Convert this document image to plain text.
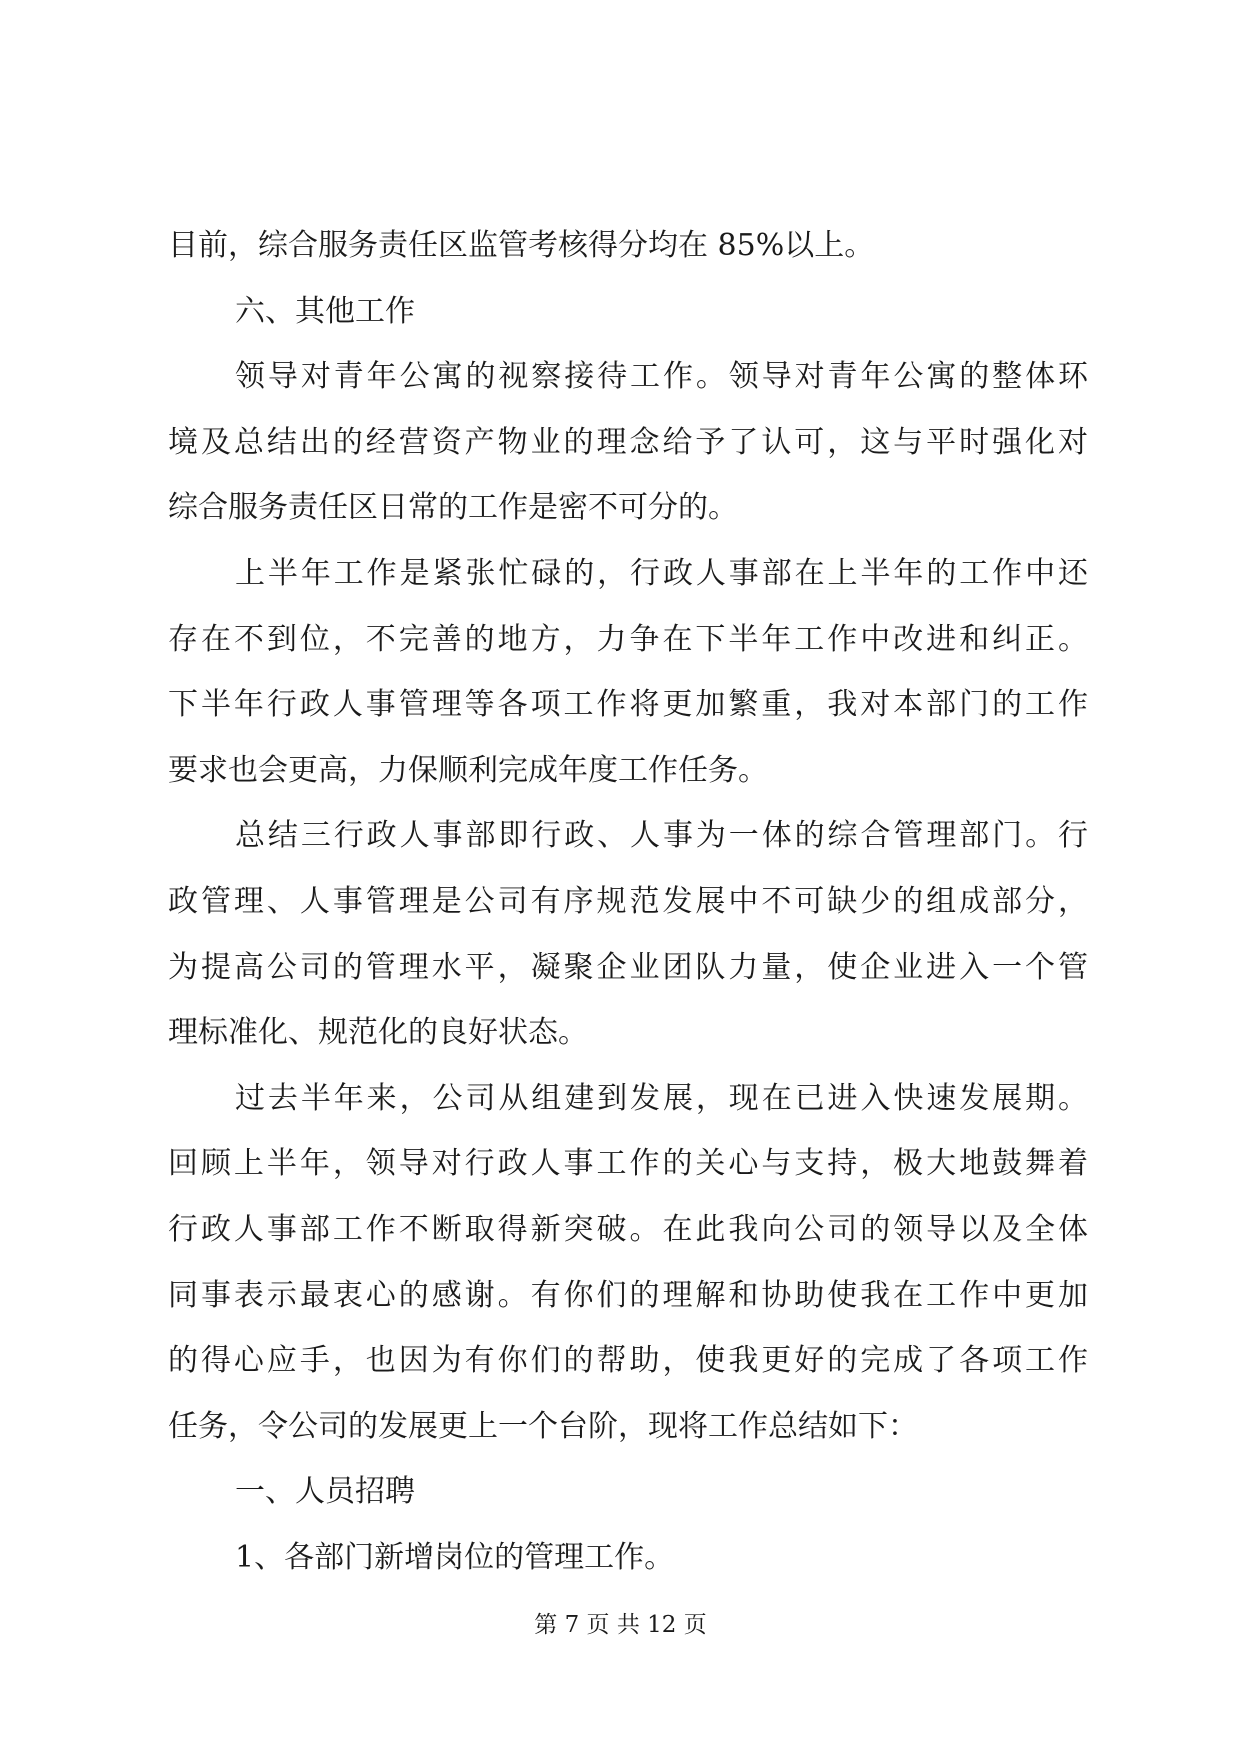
目前，综合服务责任区监管考核得分均在 85%以上。
六、其他工作
领导对青年公寓的视察接待工作。领导对青年公寓的整体环
境及总结出的经营资产物业的理念给予了认可，这与平时强化对
综合服务责任区日常的工作是密不可分的。
上半年工作是紧张忙碌的，行政人事部在上半年的工作中还
存在不到位，不完善的地方，力争在下半年工作中改进和纠正。
下半年行政人事管理等各项工作将更加繁重，我对本部门的工作
要求也会更高，力保顺利完成年度工作任务。
总结三行政人事部即行政、人事为一体的综合管理部门。行
政管理、人事管理是公司有序规范发展中不可缺少的组成部分，
为提高公司的管理水平，凝聚企业团队力量，使企业进入一个管
理标准化、规范化的良好状态。
过去半年来，公司从组建到发展，现在已进入快速发展期。
回顾上半年，领导对行政人事工作的关心与支持，极大地鼓舞着
行政人事部工作不断取得新突破。在此我向公司的领导以及全体
同事表示最衷心的感谢。有你们的理解和协助使我在工作中更加
的得心应手，也因为有你们的帮助，使我更好的完成了各项工作
任务，令公司的发展更上一个台阶，现将工作总结如下：
一、人员招聘
1、各部门新增岗位的管理工作。
第 7 页 共 12 页
